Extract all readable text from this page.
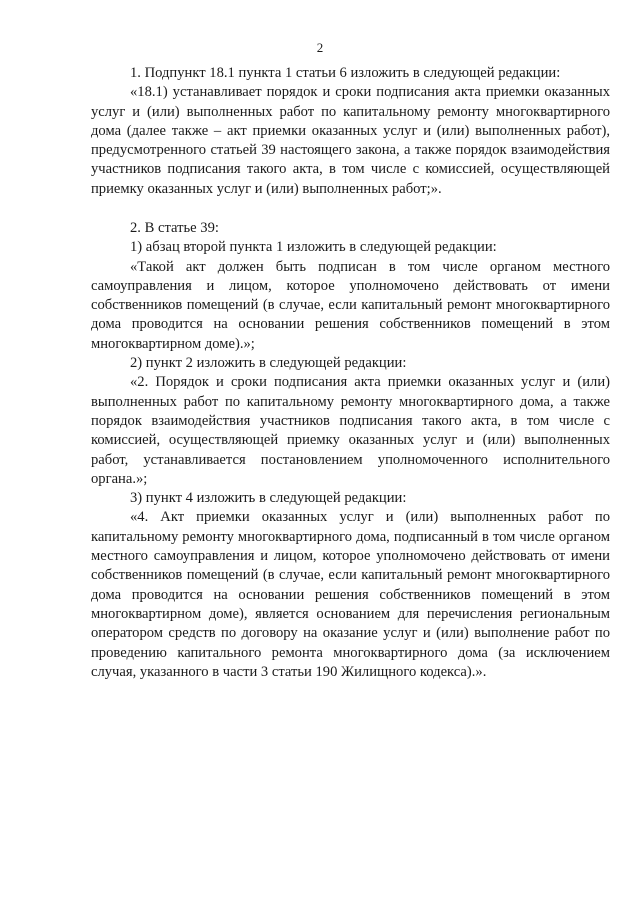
2

1. Подпункт 18.1 пункта 1 статьи 6 изложить в следующей редакции:

«18.1) устанавливает порядок и сроки подписания акта приемки оказанных услуг и (или) выполненных работ по капитальному ремонту многоквартирного дома (далее также – акт приемки оказанных услуг и (или) выполненных работ), предусмотренного статьей 39 настоящего закона, а также порядок взаимодействия участников подписания такого акта, в том числе с комиссией, осуществляющей приемку оказанных услуг и (или) выполненных работ;».

2. В статье 39:

1) абзац второй пункта 1 изложить в следующей редакции:

«Такой акт должен быть подписан в том числе органом местного самоуправления и лицом, которое уполномочено действовать от имени собственников помещений (в случае, если капитальный ремонт многоквартирного дома проводится на основании решения собственников помещений в этом многоквартирном доме).»;

2) пункт 2 изложить в следующей редакции:

«2. Порядок и сроки подписания акта приемки оказанных услуг и (или) выполненных работ по капитальному ремонту многоквартирного дома, а также порядок взаимодействия участников подписания такого акта, в том числе с комиссией, осуществляющей приемку оказанных услуг и (или) выполненных работ, устанавливается постановлением уполномоченного исполнительного органа.»;

3) пункт 4 изложить в следующей редакции:

«4. Акт приемки оказанных услуг и (или) выполненных работ по капитальному ремонту многоквартирного дома, подписанный в том числе органом местного самоуправления и лицом, которое уполномочено действовать от имени собственников помещений (в случае, если капитальный ремонт многоквартирного дома проводится на основании решения собственников помещений в этом многоквартирном доме), является основанием для перечисления региональным оператором средств по договору на оказание услуг и (или) выполнение работ по проведению капитального ремонта многоквартирного дома (за исключением случая, указанного в части 3 статьи 190 Жилищного кодекса).».
